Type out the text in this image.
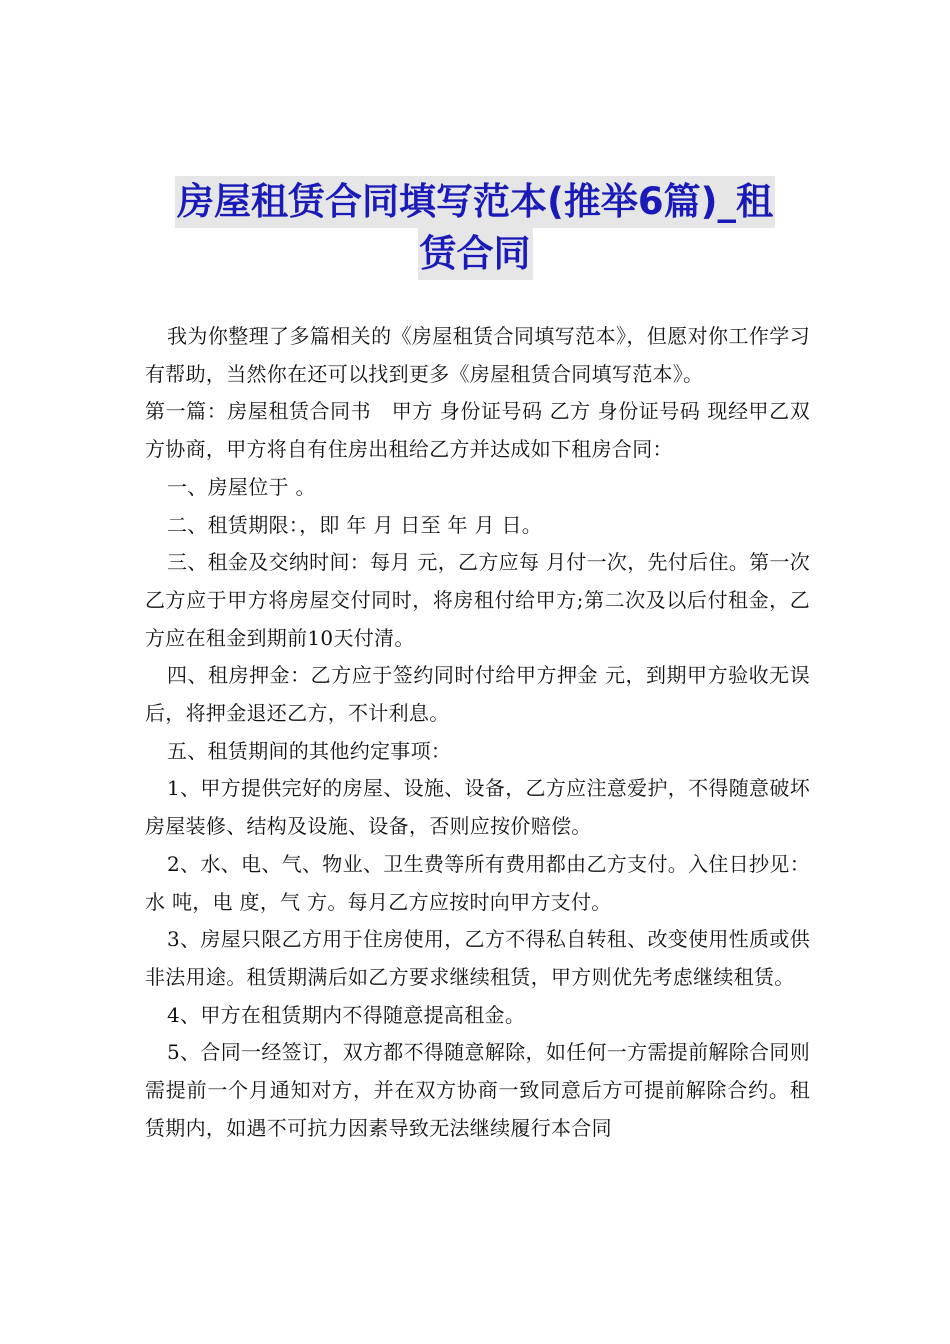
房屋租赁合同填写范本(推举6篇)_租
赁合同

我为你整理了多篇相关的《房屋租赁合同填写范本》，但愿对你工作学习有帮助，当然你在还可以找到更多《房屋租赁合同填写范本》。

第一篇：房屋租赁合同书　甲方 身份证号码 乙方 身份证号码 现经甲乙双方协商，甲方将自有住房出租给乙方并达成如下租房合同：

一、房屋位于 。

二、租赁期限：，即 年 月 日至 年 月 日。

三、租金及交纳时间：每月 元，乙方应每 月付一次，先付后住。第一次乙方应于甲方将房屋交付同时，将房租付给甲方;第二次及以后付租金，乙方应在租金到期前10天付清。

四、租房押金：乙方应于签约同时付给甲方押金 元，到期甲方验收无误后，将押金退还乙方，不计利息。

五、租赁期间的其他约定事项：

1、甲方提供完好的房屋、设施、设备，乙方应注意爱护，不得随意破坏房屋装修、结构及设施、设备，否则应按价赔偿。

2、水、电、气、物业、卫生费等所有费用都由乙方支付。入住日抄见：水 吨，电 度，气 方。每月乙方应按时向甲方支付。

3、房屋只限乙方用于住房使用，乙方不得私自转租、改变使用性质或供非法用途。租赁期满后如乙方要求继续租赁，甲方则优先考虑继续租赁。

4、甲方在租赁期内不得随意提高租金。

5、合同一经签订，双方都不得随意解除，如任何一方需提前解除合同则需提前一个月通知对方，并在双方协商一致同意后方可提前解除合约。租赁期内，如遇不可抗力因素导致无法继续履行本合同
